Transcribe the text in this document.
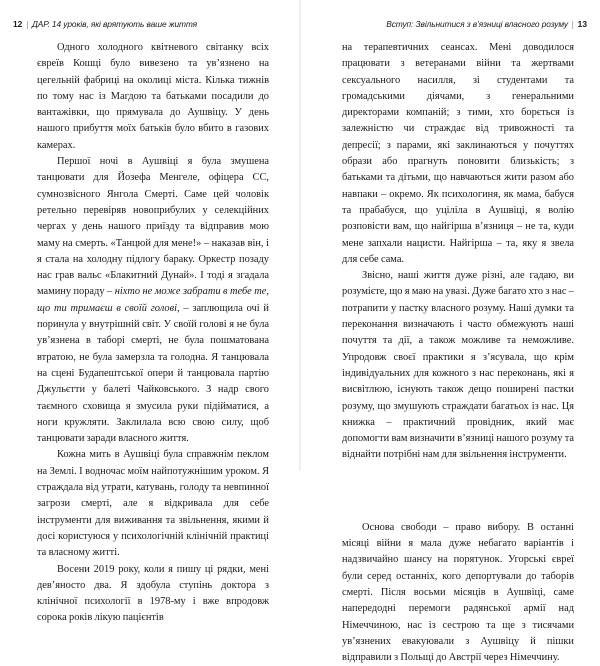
12 | ДАР. 14 уроків, які врятують ваше життя

Одного холодного квітневого світанку всіх євреїв Кошці було вивезено та ув’язнено на цегельній фабриці на околиці міста. Кілька тижнів по тому нас із Магдою та батьками посадили до вантажівки, що прямувала до Аушвіцу. У день нашого прибуття моїх батьків було вбито в газових камерах.

Першої ночі в Аушвіці я була змушена танцювати для Йозефа Менгеле, офіцера СС, сумнозвісного Янгола Смерті. Саме цей чоловік ретельно перевіряв новоприбулих у селекційних чергах у день нашого приїзду та відправив мою маму на смерть. «Танцюй для мене!» – наказав він, і я стала на холодну підлогу бараку. Оркестр позаду нас грав вальс «Блакитний Дунай». І тоді я згадала мамину пораду – ніхто не може забрати в тебе те, що ти тримаєш в своїй голові, – заплющила очі й поринула у внутрішній світ. У своїй голові я не була ув’язнена в таборі смерті, не була пошматована втратою, не була замерзла та голодна. Я танцювала на сцені Будапештської опери й танцювала партію Джульєтти у балеті Чайковського. З надр свого таємного сховища я змусила руки підійматися, а ноги кружляти. Заклилала всю свою силу, щоб танцювати заради власного життя.

Кожна мить в Аушвіці була справжнім пеклом на Землі. І водночас моїм найпотужнішим уроком. Я страждала від утрати, катувань, голоду та невпинної загрози смерті, але я відкривала для себе інструменти для виживання та звільнення, якими й досі користуюся у психологічній клінічній практиці та власному житті.

Восени 2019 року, коли я пишу ці рядки, мені дев’яносто два. Я здобула ступінь доктора з клінічної психології в 1978-му і вже впродовж сорока років лікую пацієнтів

Вступ: Звільнитися з в’язниці власного розуму | 13

на терапевтичних сеансах. Мені доводилося працювати з ветеранами війни та жертвами сексуального насилля, зі студентами та громадськими діячами, з генеральними директорами компаній; з тими, хто борється із залежністю чи страждає від тривожності та депресії; з парами, які заклинаються у почуттях образи або прагнуть поновити близькість; з батьками та дітьми, що навчаються жити разом або навпаки – окремо. Як психологиня, як мама, бабуся та прабабуся, що уціліла в Аушвіці, я волію розповісти вам, що найгірша в’язниця – не та, куди мене запхали нацисти. Найгірша – та, яку я звела для себе сама.

Звісно, наші життя дуже різні, але гадаю, ви розумієте, що я маю на увазі. Дуже багато хто з нас – потрапити у пастку власного розуму. Наші думки та переконання визначають і часто обмежують наші почуття та дії, а також можливе та неможливе. Упродовж своєї практики я з’ясувала, що крім індивідуальних для кожного з нас переконань, які я висвітлюю, існують також дещо поширені пастки розуму, що змушують страждати багатьох із нас. Ця книжка – практичний провідник, який має допомогти вам визначити в’язниці нашого розуму та віднайти потрібні нам для звільнення інструменти.

Основа свободи – право вибору. В останні місяці війни я мала дуже небагато варіантів і надзвичайно шансу на порятунок. Угорські євреї були серед останніх, кого депортували до таборів смерті. Після восьми місяців в Аушвіці, саме напередодні перемоги радянської армії над Німеччиною, нас із сестрою та ще з тисячами ув’язнених евакуювали з Аушвіцу й пішки відправили з Польщі до Австрії через Німеччину.
